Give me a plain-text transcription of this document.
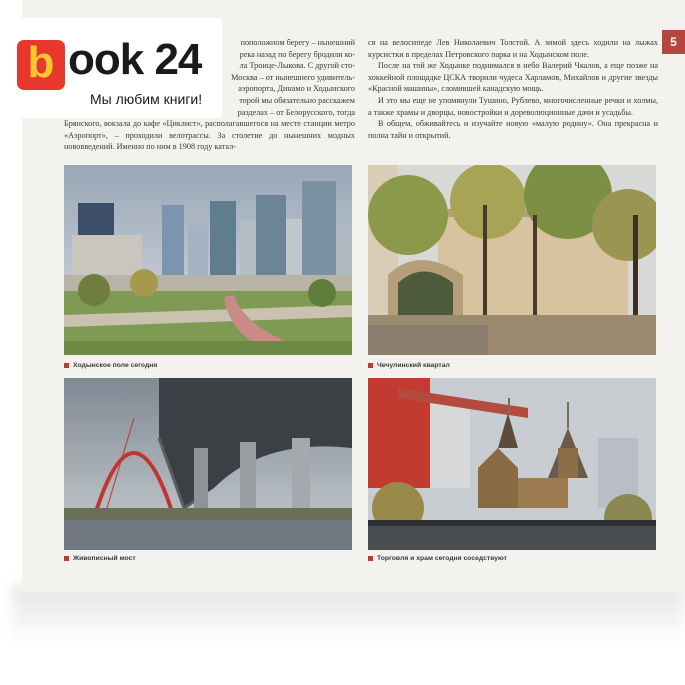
5
b ook 24
Мы любим книги!

поположном берегу – нынешний

река назад по берегу бродили ко-

ла Троице-Лыкова. С другой сто-

Москва – от нынешнего удивитель-

аэропорта, Динамо и Ходынского

торой мы обязательно расскажем

разделах – от Белорусского, тогда

Брянского, вокзала до кафе «Циклист», располагавшегося на месте станции метро «Аэропорт», – проходили велотрассы. За столетие до нынешних модных нововведений. Именно по ним в 1908 году катал-

ся на велосипеде Лев Николаевич Толстой. А зимой здесь ходили на лыжах курсистки в пределах Петровского парка и на Ходынском поле.

После на той же Ходынке поднимался в небо Валерий Чкалов, а еще позже на хоккейной площадке ЦСКА творили чудеса Харламов, Михайлов и другие звезды «Красной машины», сломившей канадскую мощь.

И это мы еще не упомянули Тушино, Рублево, многочисленные речки и холмы, а также храмы и дворцы, новостройки и дореволюционные дачи и усадьбы.

В общем, обживайтесь и изучайте новую «малую родину». Она прекрасна и полна тайн и открытий.

Ходынское поле сегодня	Чечулинский квартал
Живописный мост	Торговля и храм сегодня соседствуют
